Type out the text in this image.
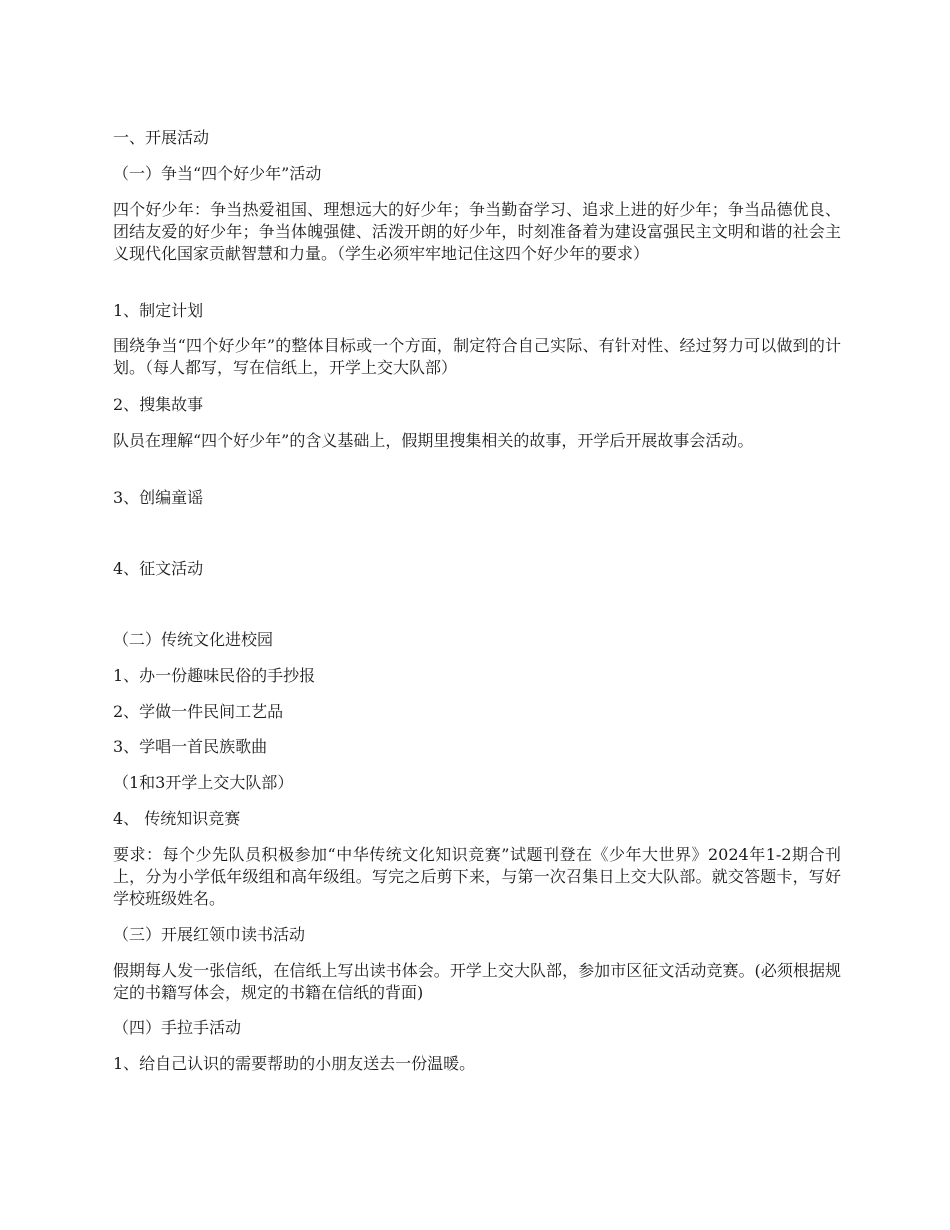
一、开展活动

（一）争当“四个好少年”活动

四个好少年：争当热爱祖国、理想远大的好少年；争当勤奋学习、追求上进的好少年；争当品德优良、团结友爱的好少年；争当体魄强健、活泼开朗的好少年，时刻准备着为建设富强民主文明和谐的社会主义现代化国家贡献智慧和力量。（学生必须牢牢地记住这四个好少年的要求）

1、制定计划

围绕争当“四个好少年”的整体目标或一个方面，制定符合自己实际、有针对性、经过努力可以做到的计划。（每人都写，写在信纸上，开学上交大队部）

2、搜集故事

队员在理解“四个好少年”的含义基础上，假期里搜集相关的故事，开学后开展故事会活动。

3、创编童谣

4、征文活动

（二）传统文化进校园

1、办一份趣味民俗的手抄报

2、学做一件民间工艺品

3、学唱一首民族歌曲

（1和3开学上交大队部）

4、 传统知识竞赛

要求：每个少先队员积极参加“中华传统文化知识竞赛”试题刊登在《少年大世界》2024年1-2期合刊上，分为小学低年级组和高年级组。写完之后剪下来，与第一次召集日上交大队部。就交答题卡，写好学校班级姓名。

（三）开展红领巾读书活动

假期每人发一张信纸，在信纸上写出读书体会。开学上交大队部，参加市区征文活动竞赛。(必须根据规定的书籍写体会，规定的书籍在信纸的背面)

（四）手拉手活动

1、给自己认识的需要帮助的小朋友送去一份温暖。
